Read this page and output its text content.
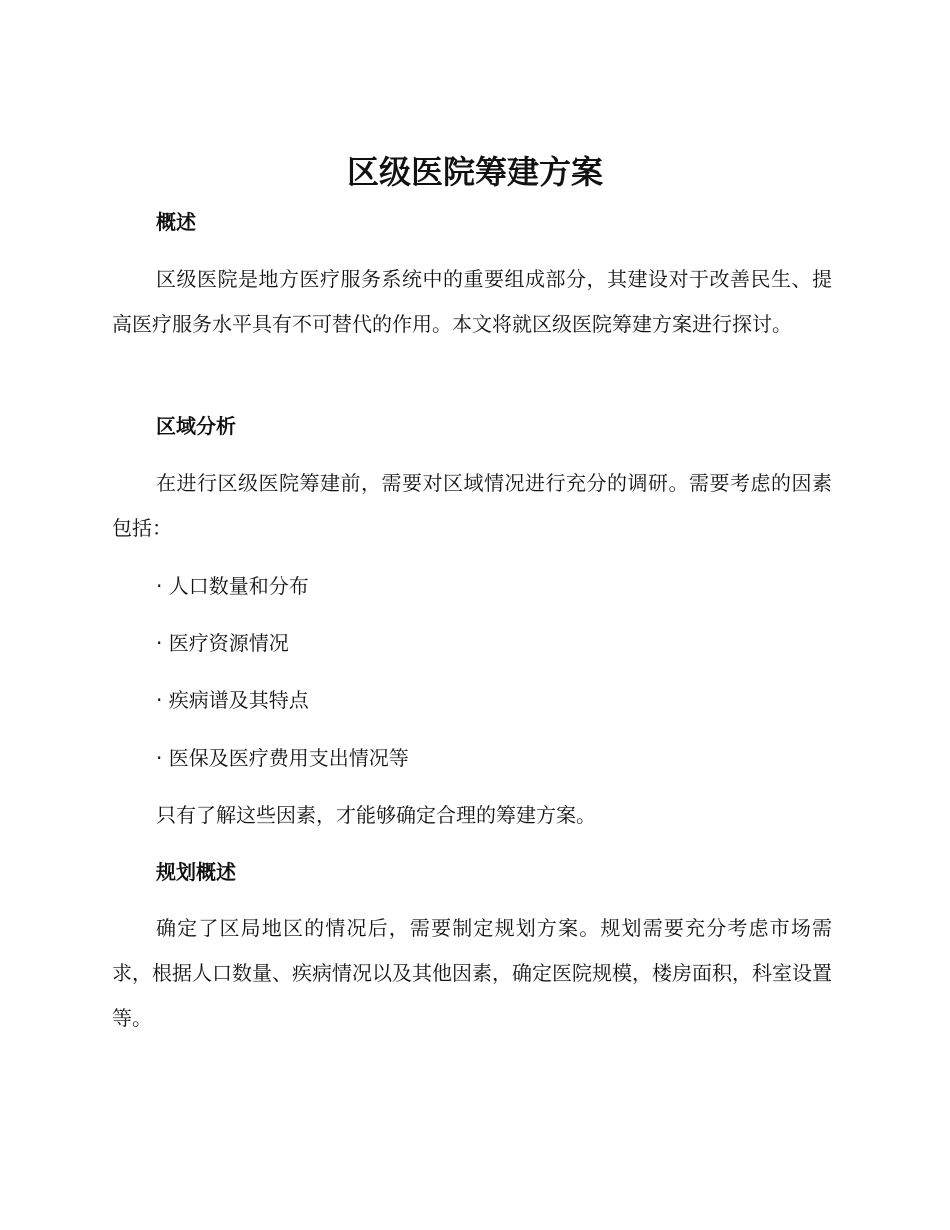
区级医院筹建方案
概述

区级医院是地方医疗服务系统中的重要组成部分，其建设对于改善民生、提高医疗服务水平具有不可替代的作用。本文将就区级医院筹建方案进行探讨。

区域分析

在进行区级医院筹建前，需要对区域情况进行充分的调研。需要考虑的因素包括：

· 人口数量和分布

· 医疗资源情况

· 疾病谱及其特点

· 医保及医疗费用支出情况等

只有了解这些因素，才能够确定合理的筹建方案。

规划概述

确定了区局地区的情况后，需要制定规划方案。规划需要充分考虑市场需求，根据人口数量、疾病情况以及其他因素，确定医院规模，楼房面积，科室设置等。
